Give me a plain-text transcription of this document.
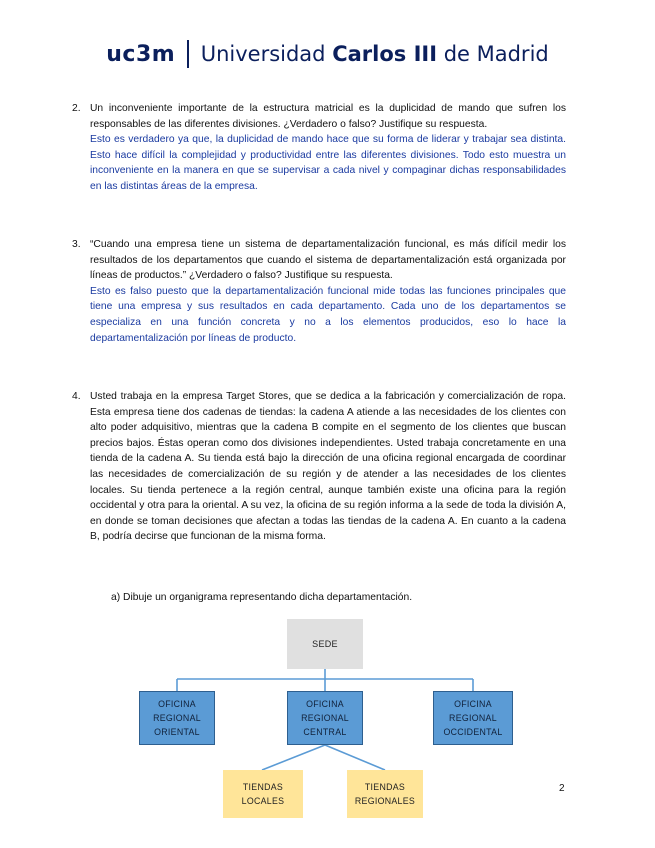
uc3m Universidad Carlos III de Madrid
2. Un inconveniente importante de la estructura matricial es la duplicidad de mando que sufren los responsables de las diferentes divisiones. ¿Verdadero o falso? Justifique su respuesta.
Esto es verdadero ya que, la duplicidad de mando hace que su forma de liderar y trabajar sea distinta. Esto hace difícil la complejidad y productividad entre las diferentes divisiones. Todo esto muestra un inconveniente en la manera en que se supervisar a cada nivel y compaginar dichas responsabilidades en las distintas áreas de la empresa.
3. “Cuando una empresa tiene un sistema de departamentalización funcional, es más difícil medir los resultados de los departamentos que cuando el sistema de departamentalización está organizada por líneas de productos.” ¿Verdadero o falso? Justifique su respuesta.
Esto es falso puesto que la departamentalización funcional mide todas las funciones principales que tiene una empresa y sus resultados en cada departamento. Cada uno de los departamentos se especializa en una función concreta y no a los elementos producidos, eso lo hace la departamentalización por líneas de producto.
4. Usted trabaja en la empresa Target Stores, que se dedica a la fabricación y comercialización de ropa. Esta empresa tiene dos cadenas de tiendas: la cadena A atiende a las necesidades de los clientes con alto poder adquisitivo, mientras que la cadena B compite en el segmento de los clientes que buscan precios bajos. Éstas operan como dos divisiones independientes. Usted trabaja concretamente en una tienda de la cadena A. Su tienda está bajo la dirección de una oficina regional encargada de coordinar las necesidades de comercialización de su región y de atender a las necesidades de los clientes locales. Su tienda pertenece a la región central, aunque también existe una oficina para la región occidental y otra para la oriental. A su vez, la oficina de su región informa a la sede de toda la división A, en donde se toman decisiones que afectan a todas las tiendas de la cadena A. En cuanto a la cadena B, podría decirse que funcionan de la misma forma.
a) Dibuje un organigrama representando dicha departamentación.
SEDE
OFICINA
REGIONAL
ORIENTAL
OFICINA
REGIONAL
CENTRAL
OFICINA
REGIONAL
OCCIDENTAL
TIENDAS
LOCALES
TIENDAS
REGIONALES
2
